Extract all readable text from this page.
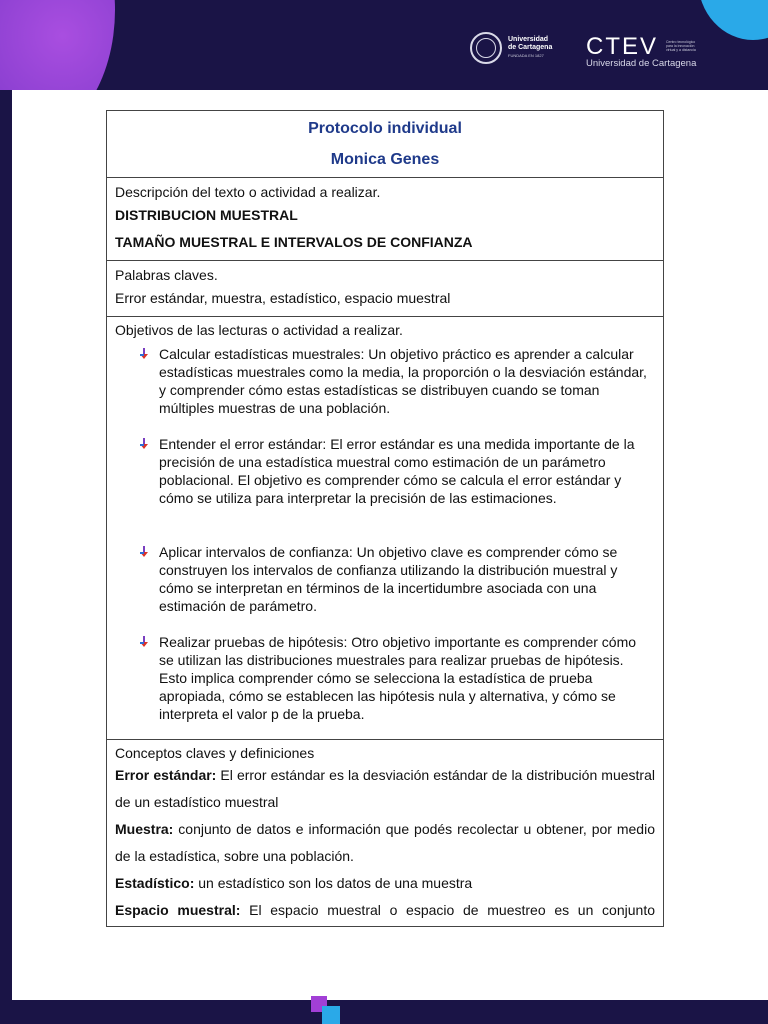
Universidad
de Cartagena
FUNDADA EN 1827	CTEV
Universidad de Cartagena
Centro tecnológico para la innovación virtual y a distancia
Protocolo individual
Monica Genes

Descripción del texto o actividad a realizar.
DISTRIBUCION MUESTRAL
TAMAÑO MUESTRAL E INTERVALOS DE CONFIANZA

Palabras claves.
Error estándar, muestra, estadístico, espacio muestral

Objetivos de las lecturas o actividad a realizar.
Calcular estadísticas muestrales: Un objetivo práctico es aprender a calcular estadísticas muestrales como la media, la proporción o la desviación estándar, y comprender cómo estas estadísticas se distribuyen cuando se toman múltiples muestras de una población.
Entender el error estándar: El error estándar es una medida importante de la precisión de una estadística muestral como estimación de un parámetro poblacional. El objetivo es comprender cómo se calcula el error estándar y cómo se utiliza para interpretar la precisión de las estimaciones.
Aplicar intervalos de confianza: Un objetivo clave es comprender cómo se construyen los intervalos de confianza utilizando la distribución muestral y cómo se interpretan en términos de la incertidumbre asociada con una estimación de parámetro.
Realizar pruebas de hipótesis: Otro objetivo importante es comprender cómo se utilizan las distribuciones muestrales para realizar pruebas de hipótesis. Esto implica comprender cómo se selecciona la estadística de prueba apropiada, cómo se establecen las hipótesis nula y alternativa, y cómo se interpreta el valor p de la prueba.

Conceptos claves y definiciones
Error estándar: El error estándar es la desviación estándar de la distribución muestral de un estadístico muestral
Muestra: conjunto de datos e información que podés recolectar u obtener, por medio de la estadística, sobre una población.
Estadístico: un estadístico son los datos de una muestra
Espacio muestral: El espacio muestral o espacio de muestreo es un conjunto
